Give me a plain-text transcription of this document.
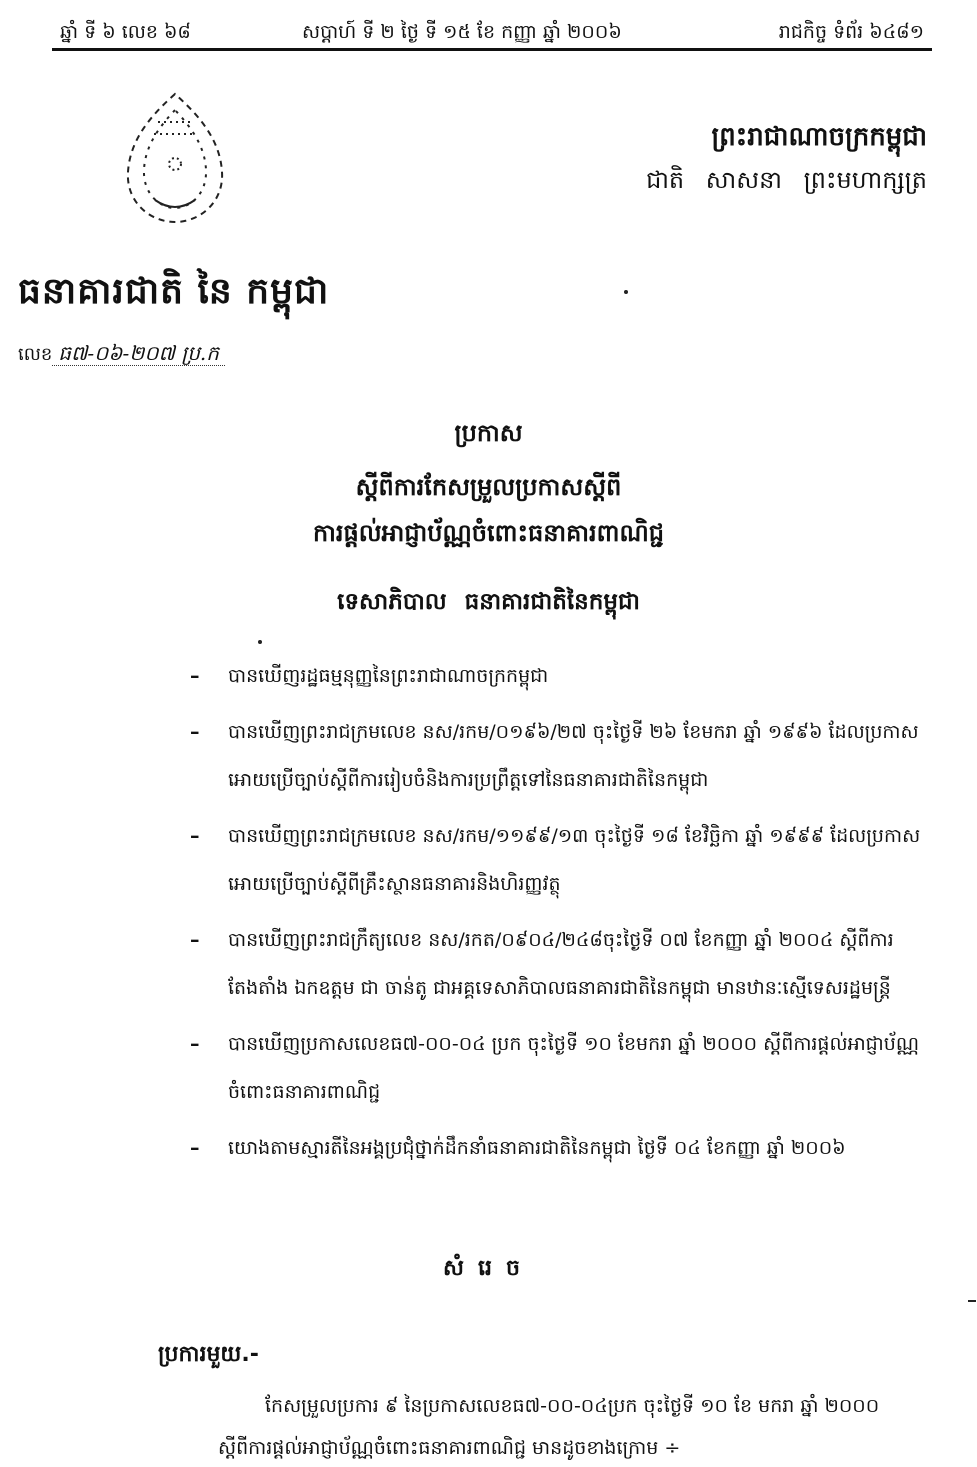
ឆ្នាំ ទី ៦ លេខ ៦៨	សប្តាហ៍ ទី ២ ថ្ងៃ ទី ១៥ ខែ កញ្ញា ឆ្នាំ ២០០៦	រាជកិច្ច ទំព័រ ៦៤៨១
ព្រះរាជាណាចក្រកម្ពុជា
ជាតិ សាសនា ព្រះមហាក្សត្រ
ធនាគារជាតិ នៃ កម្ពុជា
លេខ ធ៧-០៦-២០៧ ប្រ.ក
ប្រកាស
ស្តីពីការកែសម្រួលប្រកាសស្តីពី
ការផ្តល់អាជ្ញាប័ណ្ណចំពោះធនាគារពាណិជ្ជ
ទេសាភិបាល ធនាគារជាតិនៃកម្ពុជា
– បានឃើញរដ្ឋធម្មនុញ្ញនៃព្រះរាជាណាចក្រកម្ពុជា
– បានឃើញព្រះរាជក្រមលេខ នស/រកម/០១៩៦/២៧ ចុះថ្ងៃទី ២៦ ខែមករា ឆ្នាំ ១៩៩៦ ដែលប្រកាសអោយប្រើច្បាប់ស្តីពីការរៀបចំនិងការប្រព្រឹត្តទៅនៃធនាគារជាតិនៃកម្ពុជា
– បានឃើញព្រះរាជក្រមលេខ នស/រកម/១១៩៩/១៣ ចុះថ្ងៃទី ១៨ ខែវិច្ឆិកា ឆ្នាំ ១៩៩៩ ដែលប្រកាសអោយប្រើច្បាប់ស្តីពីគ្រឹះស្ថានធនាគារនិងហិរញ្ញវត្ថុ
– បានឃើញព្រះរាជក្រឹត្យលេខ នស/រកត/០៩០៤/២៤៨ចុះថ្ងៃទី ០៧ ខែកញ្ញា ឆ្នាំ ២០០៤ ស្តីពីការតែងតាំង ឯកឧត្តម ជា ចាន់តូ ជាអគ្គទេសាភិបាលធនាគារជាតិនៃកម្ពុជា មានឋានៈស្មើទេសរដ្ឋមន្ត្រី
– បានឃើញប្រកាសលេខធ៧-០០-០៤ ប្រក ចុះថ្ងៃទី ១០ ខែមករា ឆ្នាំ ២០០០ ស្តីពីការផ្តល់អាជ្ញាប័ណ្ណចំពោះធនាគារពាណិជ្ជ
– យោងតាមស្មារតីនៃអង្គប្រជុំថ្នាក់ដឹកនាំធនាគារជាតិនៃកម្ពុជា ថ្ងៃទី ០៤ ខែកញ្ញា ឆ្នាំ ២០០៦
សំរេច
ប្រការមួយ.-
កែសម្រួលប្រការ ៩ នៃប្រកាសលេខធ៧-០០-០៤ប្រក ចុះថ្ងៃទី ១០ ខែ មករា ឆ្នាំ ២០០០
ស្តីពីការផ្តល់អាជ្ញាប័ណ្ណចំពោះធនាគារពាណិជ្ជ មានដូចខាងក្រោម ÷
